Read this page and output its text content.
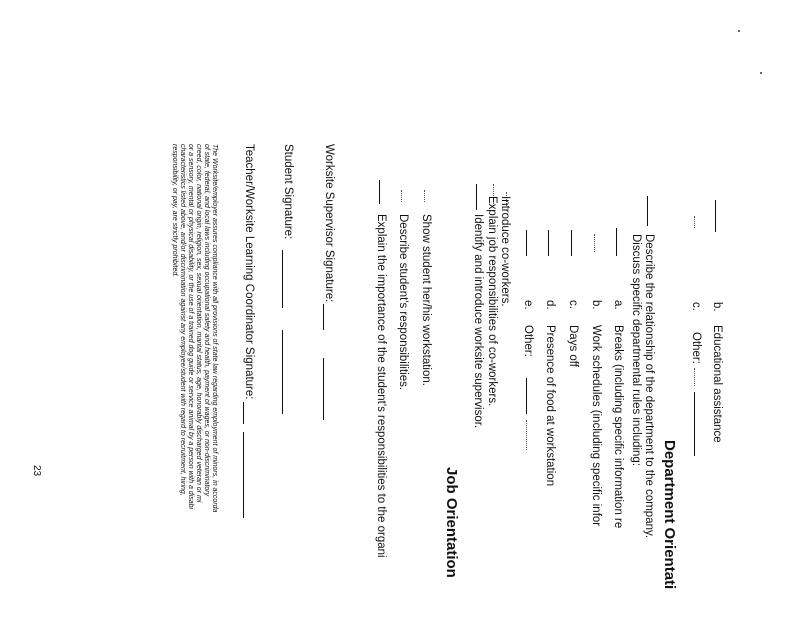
b.
Educational assistance
c.
Other:
Department Orientati
Describe the relationship of the department to the company.
Discuss specific departmental rules including:
a.
Breaks (including specific information re
b.
Work schedules (including specific infor
c.
Days off
d.
Presence of food at workstation
e.
Other:
Introduce co-workers.
Explain job responsibilities of co-workers.
Identify and introduce worksite supervisor.
Job Orientation
Show student her/his workstation.
Describe student's responsibilities.
Explain the importance of the student's responsibilities to the organi
Worksite Supervisor Signature:
Student Signature:
Teacher/Worksite Learning Coordinator Signature:
The Worksite/employer assures compliance with all provisions of state law regarding employment of minors, in accorda
of state, federal, and local laws including occupational safety and health, payment of wages, or non-discriminatory
creed, color, national origin, religion, sex, sexual orientation, marital status, age, honorably discharged veteran or mi
or a sensory, mental or physical disability, or the use of a trained dog guide or service animal by a person with a disabi
characteristics listed above, and/or discrimination against any employee/student with regard to recruitment, hiring,
responsibility, or pay, are strictly prohibited.
23
